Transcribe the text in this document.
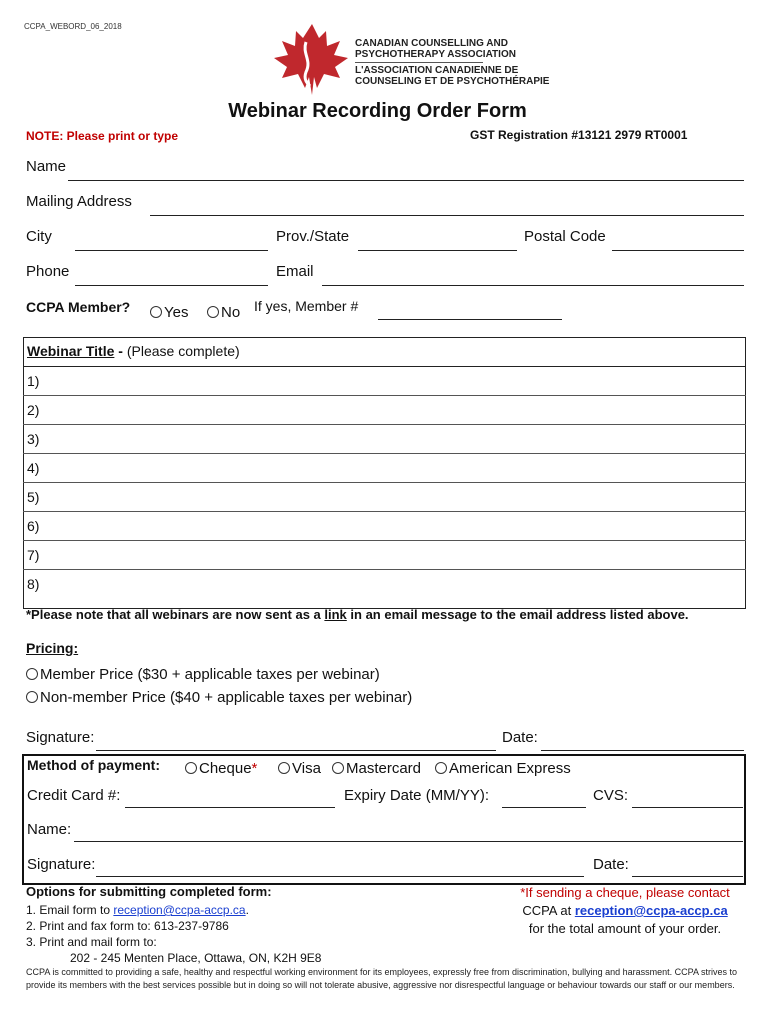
CCPA_WEBORD_06_2018
CANADIAN COUNSELLING AND
PSYCHOTHERAPY ASSOCIATION
L'ASSOCIATION CANADIENNE DE
COUNSELING ET DE PSYCHOTHÉRAPIE
Webinar Recording Order Form
NOTE: Please print or type	GST Registration #13121 2979 RT0001
Name
Mailing Address
City	Prov./State	Postal Code
Phone	Email
CCPA Member?	Yes	No If yes, Member #
Webinar Title - (Please complete)
1)
2)
3)
4)
5)
6)
7)
8)
*Please note that all webinars are now sent as a link in an email message to the email address listed above.
Pricing:
Member Price ($30 + applicable taxes per webinar)
Non-member Price ($40 + applicable taxes per webinar)
Signature:	Date:
Method of payment:	Cheque*	Visa	Mastercard	American Express
Credit Card #:	Expiry Date (MM/YY):	CVS:
Name:
Signature:	Date:
Options for submitting completed form:
1. Email form to reception@ccpa-accp.ca.
2. Print and fax form to: 613-237-9786
3. Print and mail form to:
202 - 245 Menten Place, Ottawa, ON, K2H 9E8
*If sending a cheque, please contact
CCPA at reception@ccpa-accp.ca
for the total amount of your order.
CCPA is committed to providing a safe, healthy and respectful working environment for its employees, expressly free from discrimination, bullying and harassment. CCPA strives to provide its members with the best services possible but in doing so will not tolerate abusive, aggressive nor disrespectful language or behaviour towards our staff or our members.
